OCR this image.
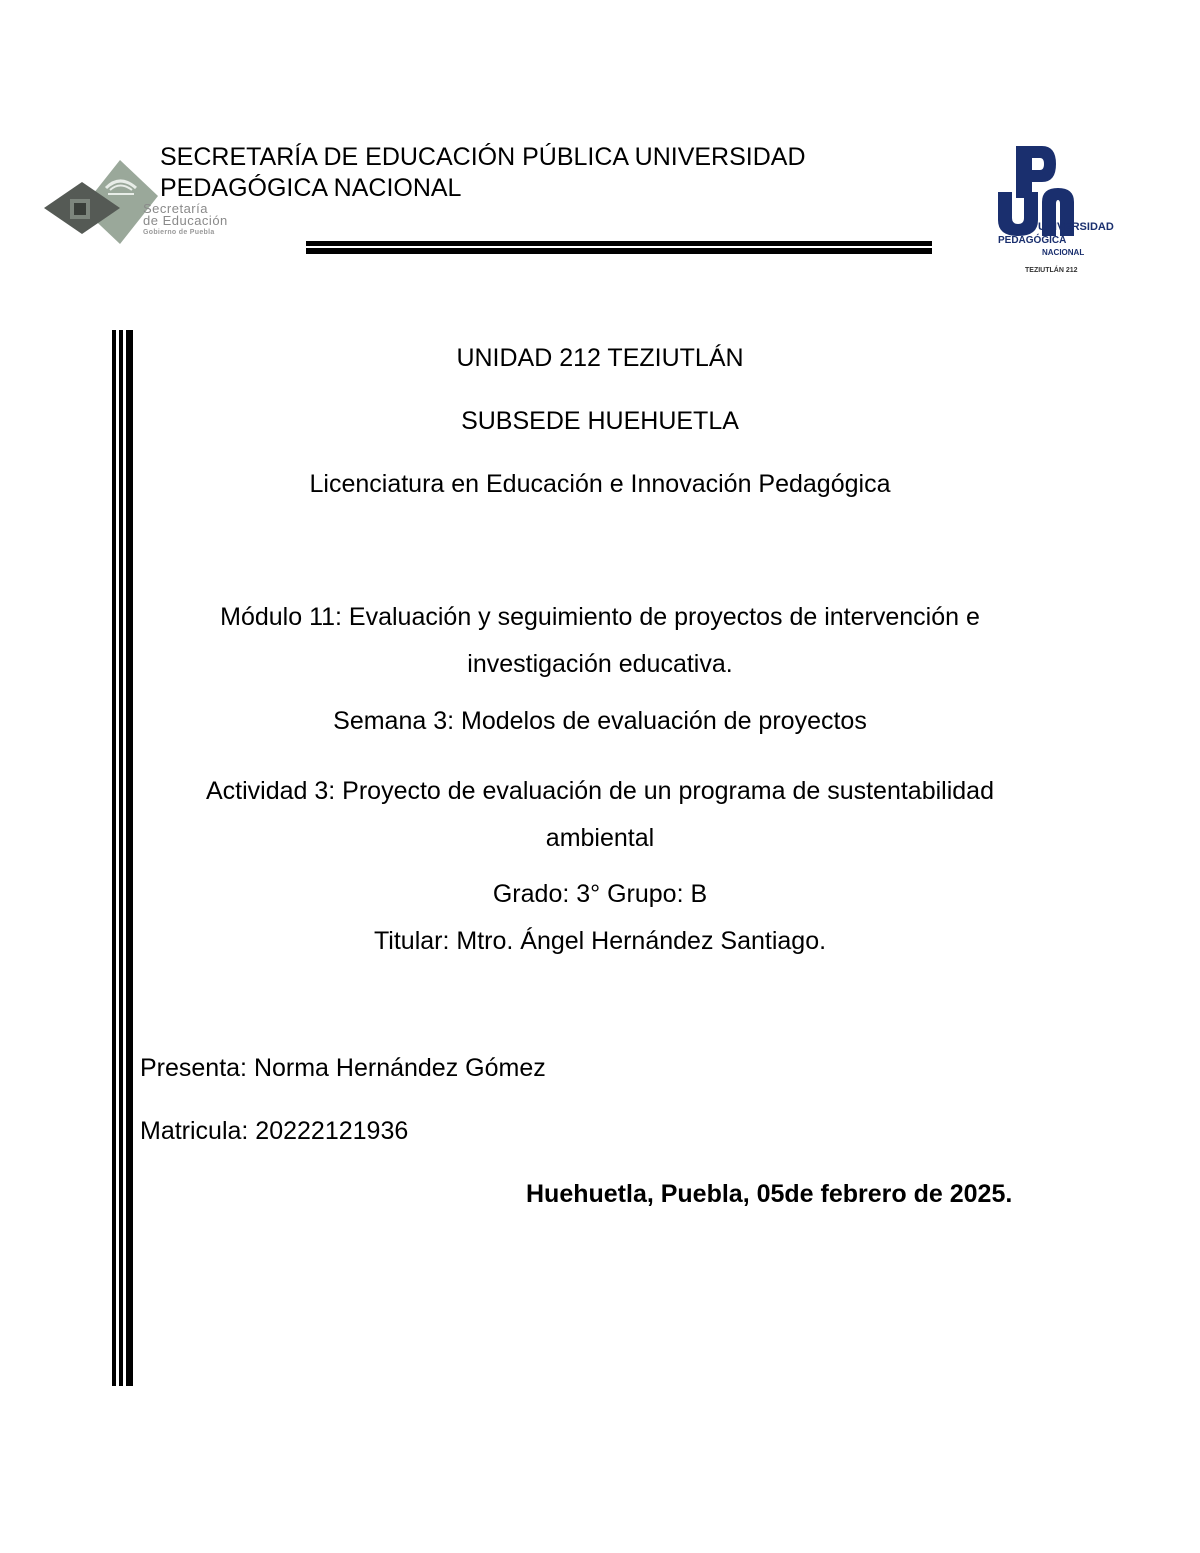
Secretaría
de Educación
Gobierno de Puebla
SECRETARÍA DE EDUCACIÓN PÚBLICA UNIVERSIDAD PEDAGÓGICA NACIONAL
UNIVERSIDAD
PEDAGÓGICA
NACIONAL
TEZIUTLÁN 212
UNIDAD 212 TEZIUTLÁN
SUBSEDE HUEHUETLA
Licenciatura en Educación e Innovación Pedagógica
Módulo 11: Evaluación y seguimiento de proyectos de intervención e investigación educativa.
Semana 3: Modelos de evaluación de proyectos
Actividad 3: Proyecto de evaluación de un programa de sustentabilidad ambiental
Grado: 3° Grupo: B
Titular: Mtro. Ángel Hernández Santiago.
Presenta: Norma Hernández Gómez
Matricula: 20222121936
Huehuetla, Puebla, 05de febrero de 2025.
